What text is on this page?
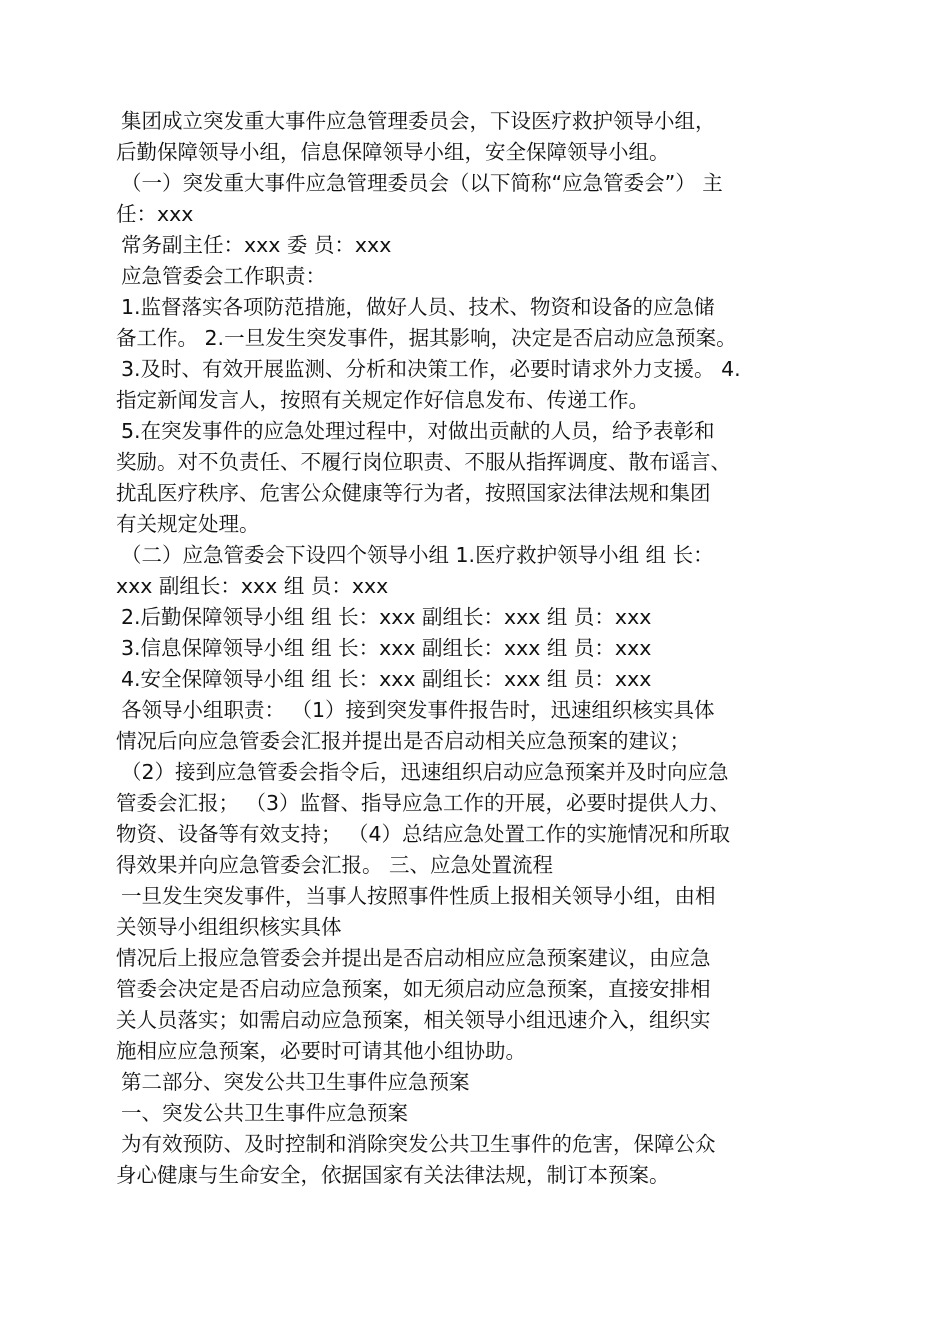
集团成立突发重大事件应急管理委员会，下设医疗救护领导小组，
后勤保障领导小组，信息保障领导小组，安全保障领导小组。
（一）突发重大事件应急管理委员会（以下简称“应急管委会”） 主
任：xxx
常务副主任：xxx 委 员：xxx
应急管委会工作职责：
1.监督落实各项防范措施，做好人员、技术、物资和设备的应急储
备工作。 2.一旦发生突发事件，据其影响，决定是否启动应急预案。
3.及时、有效开展监测、分析和决策工作，必要时请求外力支援。 4.
指定新闻发言人，按照有关规定作好信息发布、传递工作。
5.在突发事件的应急处理过程中，对做出贡献的人员，给予表彰和
奖励。对不负责任、不履行岗位职责、不服从指挥调度、散布谣言、
扰乱医疗秩序、危害公众健康等行为者，按照国家法律法规和集团
有关规定处理。
（二）应急管委会下设四个领导小组 1.医疗救护领导小组 组 长：
xxx 副组长：xxx 组 员：xxx
2.后勤保障领导小组 组 长：xxx 副组长：xxx 组 员：xxx
3.信息保障领导小组 组 长：xxx 副组长：xxx 组 员：xxx
4.安全保障领导小组 组 长：xxx 副组长：xxx 组 员：xxx
各领导小组职责： （1）接到突发事件报告时，迅速组织核实具体
情况后向应急管委会汇报并提出是否启动相关应急预案的建议；
（2）接到应急管委会指令后，迅速组织启动应急预案并及时向应急
管委会汇报； （3）监督、指导应急工作的开展，必要时提供人力、
物资、设备等有效支持； （4）总结应急处置工作的实施情况和所取
得效果并向应急管委会汇报。 三、应急处置流程
一旦发生突发事件，当事人按照事件性质上报相关领导小组，由相
关领导小组组织核实具体
情况后上报应急管委会并提出是否启动相应应急预案建议，由应急
管委会决定是否启动应急预案，如无须启动应急预案，直接安排相
关人员落实；如需启动应急预案，相关领导小组迅速介入，组织实
施相应应急预案，必要时可请其他小组协助。
第二部分、突发公共卫生事件应急预案
一、突发公共卫生事件应急预案
为有效预防、及时控制和消除突发公共卫生事件的危害，保障公众
身心健康与生命安全，依据国家有关法律法规，制订本预案。
